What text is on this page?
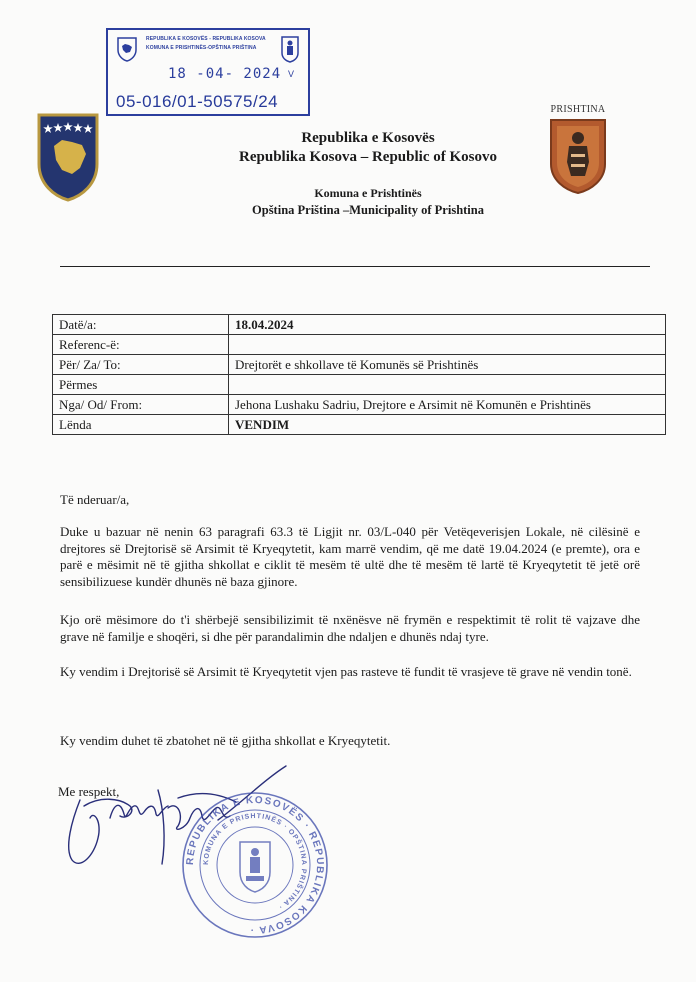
REPUBLIKA E KOSOVËS - REPUBLIKA KOSOVA
KOMUNA E PRISHTINËS-OPŠTINA PRIŠTINA
18 -04- 2024 V
05-016/01-50575/24	PRISHTINA
Republika e Kosovës
Republika Kosova – Republic of Kosovo
Komuna e Prishtinës
Opština Priština –Municipality of Prishtina
Datë/a:	18.04.2024
Referenc-ë:	
Për/ Za/ To:	Drejtorët e shkollave të Komunës së Prishtinës
Përmes	
Nga/ Od/ From:	Jehona Lushaku Sadriu, Drejtore e Arsimit në Komunën e Prishtinës
Lënda	VENDIM
Të nderuar/a,
Duke u bazuar në nenin 63 paragrafi 63.3 të Ligjit nr. 03/L-040 për Vetëqeverisjen Lokale, në cilësinë e drejtores së Drejtorisë së Arsimit të Kryeqytetit, kam marrë vendim, që me datë 19.04.2024 (e premte), ora e parë e mësimit në të gjitha shkollat e ciklit të mesëm të ultë dhe të mesëm të lartë të Kryeqytetit të jetë orë sensibilizuese kundër dhunës në baza gjinore.
Kjo orë mësimore do t'i shërbejë sensibilizimit të nxënësve në frymën e respektimit të rolit të vajzave dhe grave në familje e shoqëri, si dhe për parandalimin dhe ndaljen e dhunës ndaj tyre.
Ky vendim i Drejtorisë së Arsimit të Kryeqytetit vjen pas rasteve të fundit të vrasjeve të grave në vendin tonë.
Ky vendim duhet të zbatohet në të gjitha shkollat e Kryeqytetit.
Me respekt,
REPUBLIKA E KOSOVËS · REPUBLIKA KOSOVA ·
KOMUNA E PRISHTINËS · OPŠTINA PRIŠTINA ·
